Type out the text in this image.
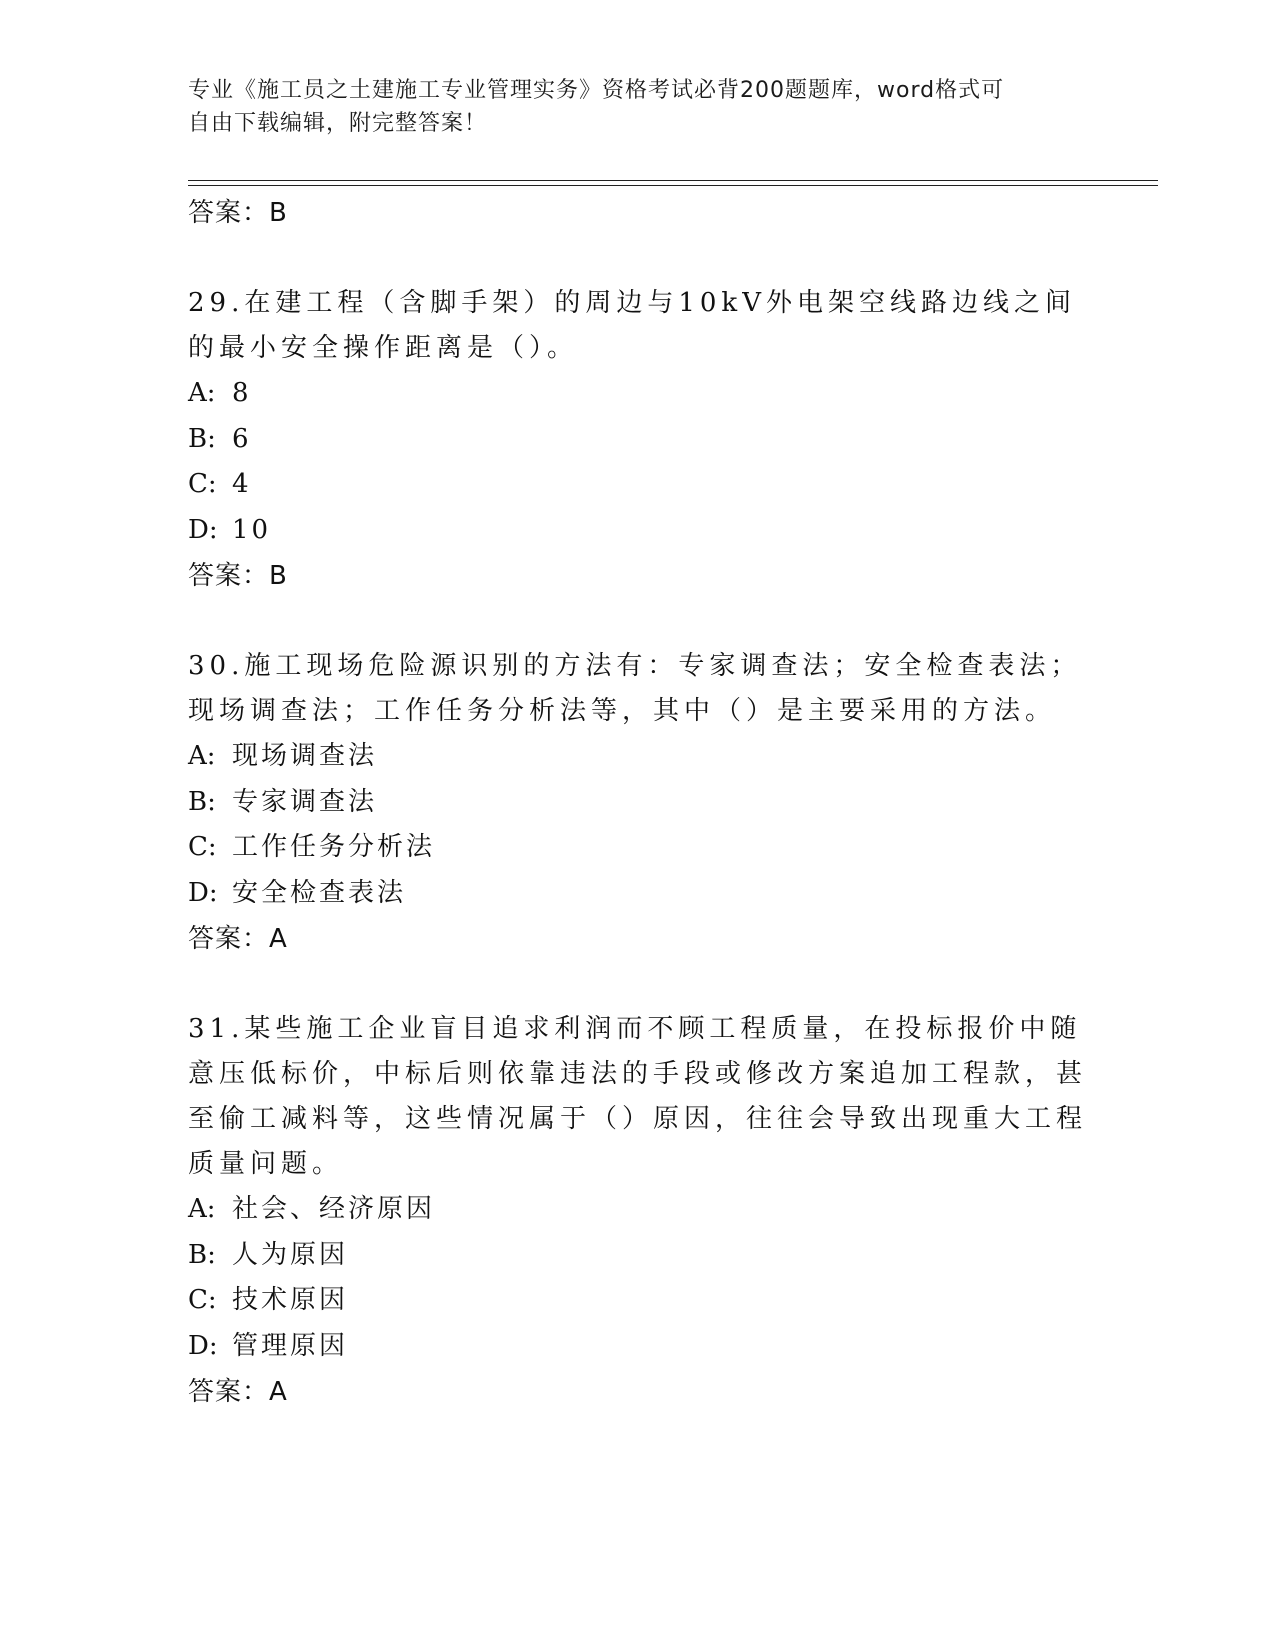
专业《施工员之土建施工专业管理实务》资格考试必背200题题库，word格式可
自由下载编辑，附完整答案！
答案：B
29.在建工程（含脚手架）的周边与10kV外电架空线路边线之间的最小安全操作距离是（）。
A: 8
B: 6
C: 4
D: 10
答案：B
30.施工现场危险源识别的方法有：专家调查法；安全检查表法；现场调查法；工作任务分析法等，其中（）是主要采用的方法。
A: 现场调查法
B: 专家调查法
C: 工作任务分析法
D: 安全检查表法
答案：A
31.某些施工企业盲目追求利润而不顾工程质量，在投标报价中随意压低标价，中标后则依靠违法的手段或修改方案追加工程款，甚至偷工减料等，这些情况属于（）原因，往往会导致出现重大工程质量问题。
A: 社会、经济原因
B: 人为原因
C: 技术原因
D: 管理原因
答案：A
